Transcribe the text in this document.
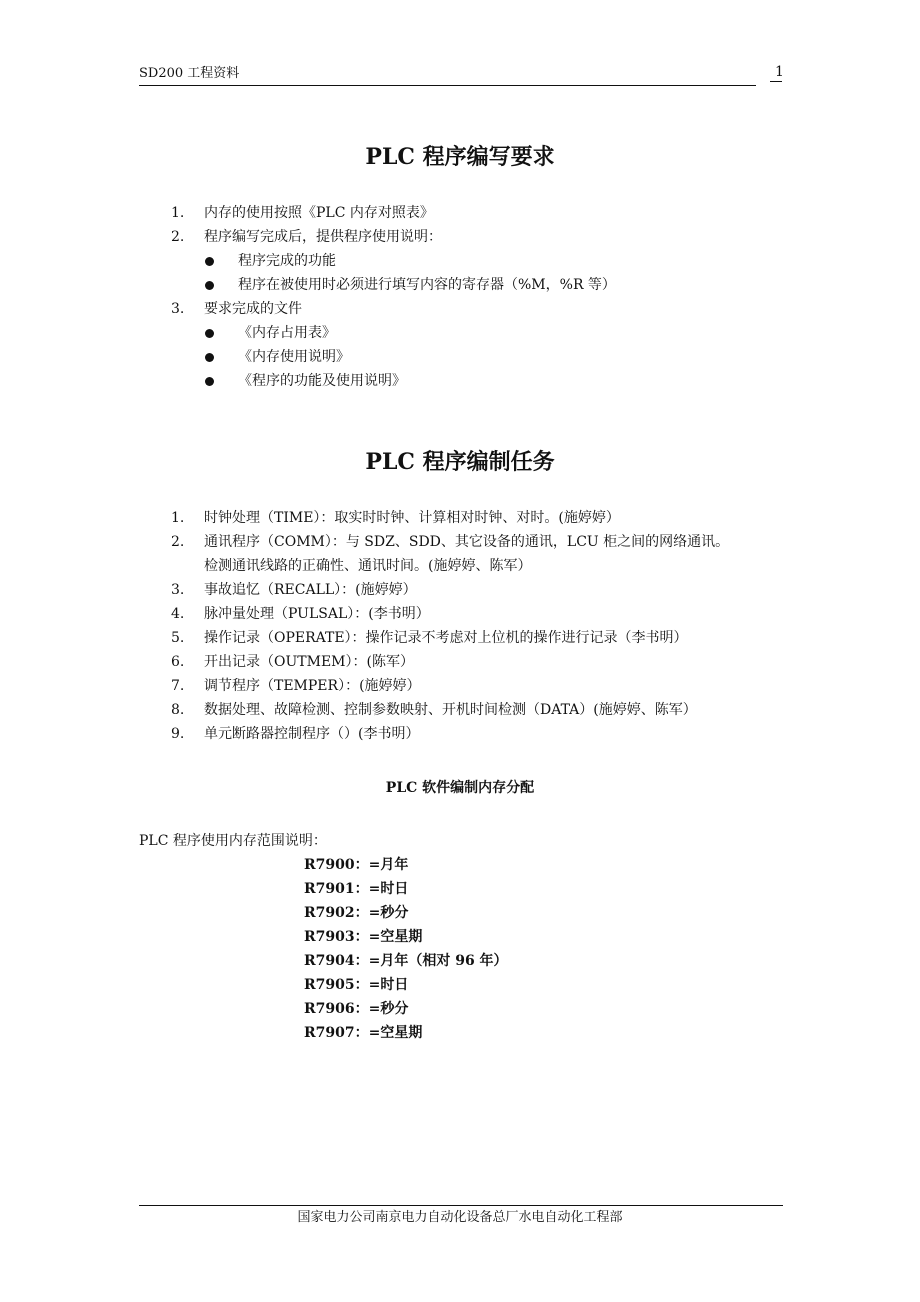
SD200 工程资料	1
PLC 程序编写要求
1. 内存的使用按照《PLC 内存对照表》
2. 程序编写完成后，提供程序使用说明：
程序完成的功能
程序在被使用时必须进行填写内容的寄存器（%M，%R 等）
3. 要求完成的文件
《内存占用表》
《内存使用说明》
《程序的功能及使用说明》
PLC 程序编制任务
1. 时钟处理（TIME）：取实时时钟、计算相对时钟、对时。(施婷婷）
2. 通讯程序（COMM）：与 SDZ、SDD、其它设备的通讯，LCU 柜之间的网络通讯。
检测通讯线路的正确性、通讯时间。(施婷婷、陈军）
3. 事故追忆（RECALL）：(施婷婷）
4. 脉冲量处理（PULSAL）：(李书明）
5. 操作记录（OPERATE）：操作记录不考虑对上位机的操作进行记录（李书明）
6. 开出记录（OUTMEM）：(陈军）
7. 调节程序（TEMPER）：(施婷婷）
8. 数据处理、故障检测、控制参数映射、开机时间检测（DATA）(施婷婷、陈军）
9. 单元断路器控制程序（）(李书明）
PLC 软件编制内存分配
PLC 程序使用内存范围说明：
R7900：=月年
R7901：=时日
R7902：=秒分
R7903：=空星期
R7904：=月年（相对 96 年）
R7905：=时日
R7906：=秒分
R7907：=空星期
国家电力公司南京电力自动化设备总厂水电自动化工程部
